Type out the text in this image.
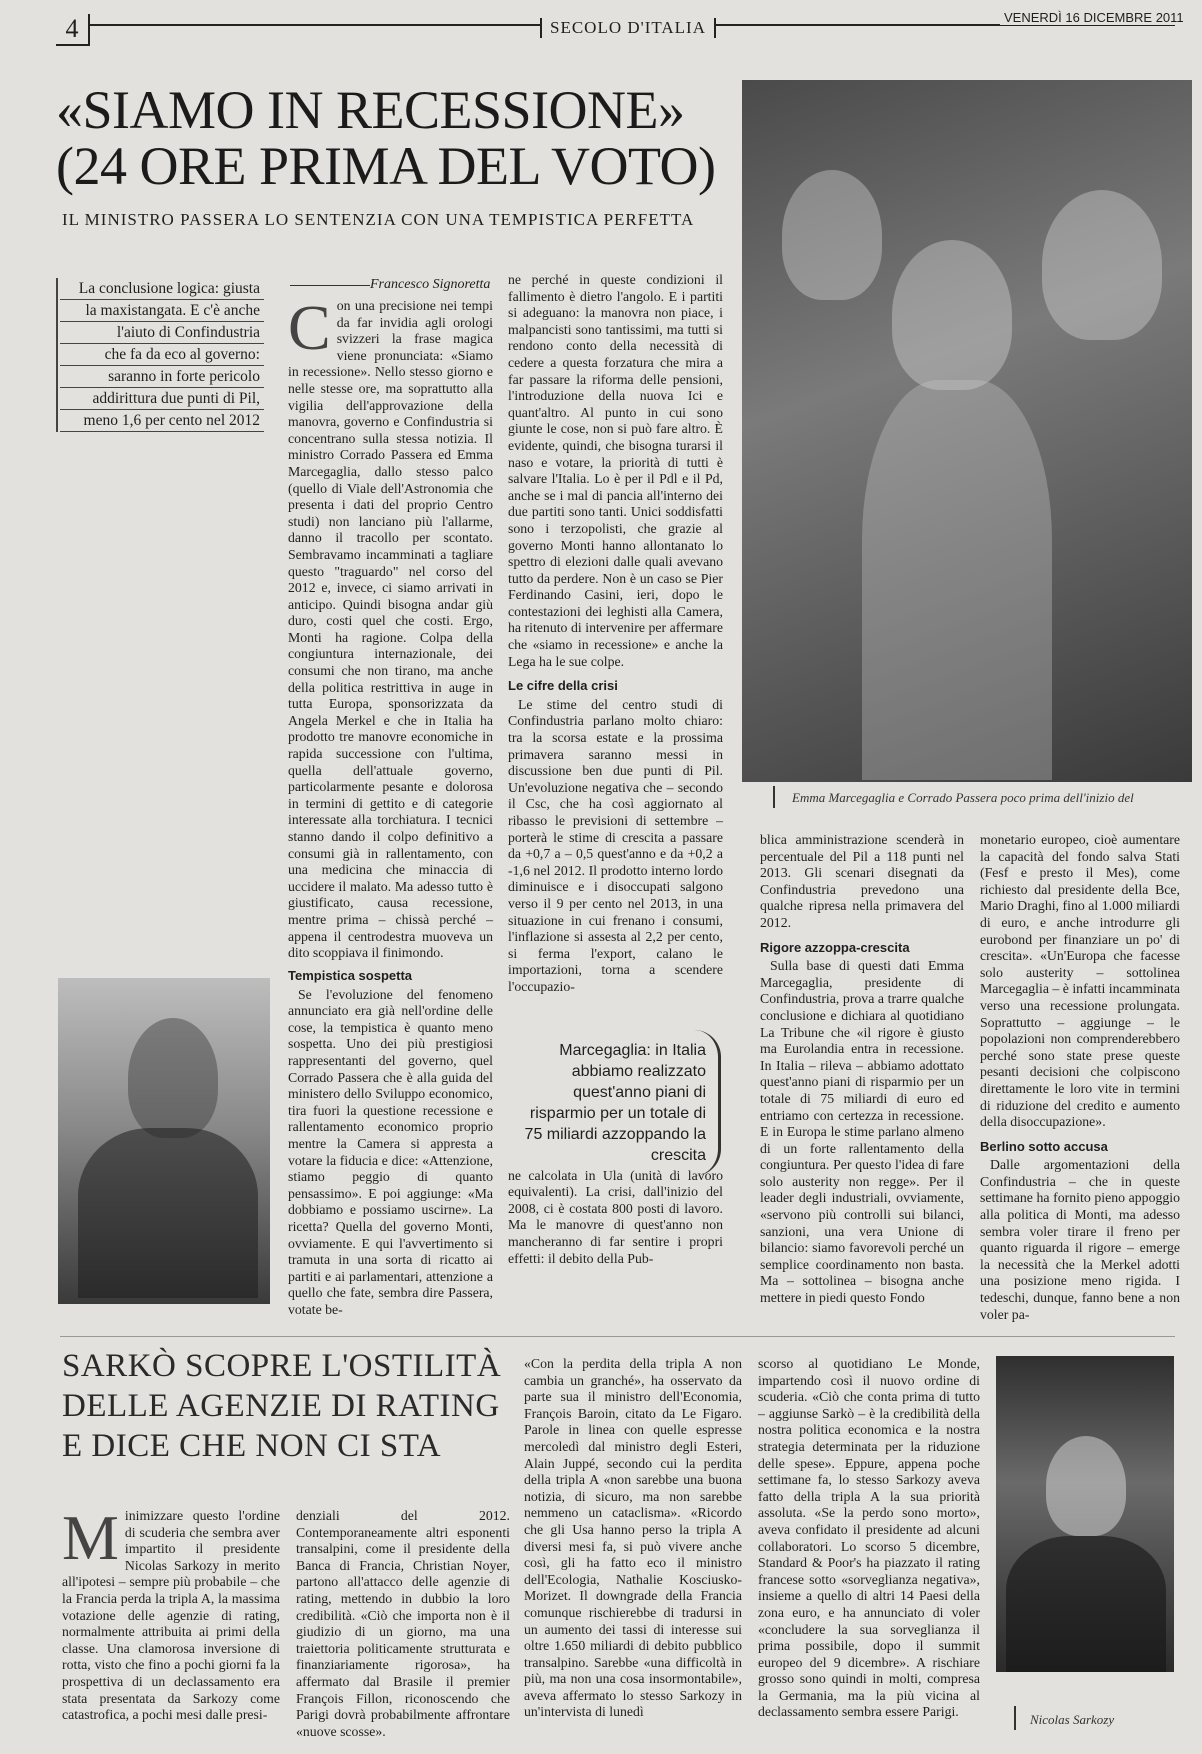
4	SECOLO D'ITALIA
VENERDÌ 16 DICEMBRE 2011
«SIAMO IN RECESSIONE»
(24 ORE PRIMA DEL VOTO)
IL MINISTRO PASSERA LO SENTENZIA CON UNA TEMPISTICA PERFETTA
La conclusione logica: giusta
la maxistangata. E c'è anche
l'aiuto di Confindustria
che fa da eco al governo:
saranno in forte pericolo
addirittura due punti di Pil,
meno 1,6 per cento nel 2012
Francesco Signoretta
C on una precisione nei tempi da far invidia agli orologi svizzeri la frase magica viene pronunciata: «Siamo in recessione». Nello stesso giorno e nelle stesse ore, ma soprattutto alla vigilia dell'approvazione della manovra, governo e Confindustria si concentrano sulla stessa notizia. Il ministro Corrado Passera ed Emma Marcegaglia, dallo stesso palco (quello di Viale dell'Astronomia che presenta i dati del proprio Centro studi) non lanciano più l'allarme, danno il tracollo per scontato. Sembravamo incamminati a tagliare questo "traguardo" nel corso del 2012 e, invece, ci siamo arrivati in anticipo. Quindi bisogna andar giù duro, costi quel che costi. Ergo, Monti ha ragione. Colpa della congiuntura internazionale, dei consumi che non tirano, ma anche della politica restrittiva in auge in tutta Europa, sponsorizzata da Angela Merkel e che in Italia ha prodotto tre manovre economiche in rapida successione con l'ultima, quella dell'attuale governo, particolarmente pesante e dolorosa in termini di gettito e di categorie interessate alla torchiatura. I tecnici stanno dando il colpo definitivo a consumi già in rallentamento, con una medicina che minaccia di uccidere il malato. Ma adesso tutto è giustificato, causa recessione, mentre prima – chissà perché – appena il centrodestra muoveva un dito scoppiava il finimondo.

Tempistica sospetta

Se l'evoluzione del fenomeno annunciato era già nell'ordine delle cose, la tempistica è quanto meno sospetta. Uno dei più prestigiosi rappresentanti del governo, quel Corrado Passera che è alla guida del ministero dello Sviluppo economico, tira fuori la questione recessione e rallentamento economico proprio mentre la Camera si appresta a votare la fiducia e dice: «Attenzione, stiamo peggio di quanto pensassimo». E poi aggiunge: «Ma dobbiamo e possiamo uscirne». La ricetta? Quella del governo Monti, ovviamente. E qui l'avvertimento si tramuta in una sorta di ricatto ai partiti e ai parlamentari, attenzione a quello che fate, sembra dire Passera, votate be-

ne perché in queste condizioni il fallimento è dietro l'angolo. E i partiti si adeguano: la manovra non piace, i malpancisti sono tantissimi, ma tutti si rendono conto della necessità di cedere a questa forzatura che mira a far passare la riforma delle pensioni, l'introduzione della nuova Ici e quant'altro. Al punto in cui sono giunte le cose, non si può fare altro. È evidente, quindi, che bisogna turarsi il naso e votare, la priorità di tutti è salvare l'Italia. Lo è per il Pdl e il Pd, anche se i mal di pancia all'interno dei due partiti sono tanti. Unici soddisfatti sono i terzopolisti, che grazie al governo Monti hanno allontanato lo spettro di elezioni dalle quali avevano tutto da perdere. Non è un caso se Pier Ferdinando Casini, ieri, dopo le contestazioni dei leghisti alla Camera, ha ritenuto di intervenire per affermare che «siamo in recessione» e anche la Lega ha le sue colpe.

Le cifre della crisi

Le stime del centro studi di Confindustria parlano molto chiaro: tra la scorsa estate e la prossima primavera saranno messi in discussione ben due punti di Pil. Un'evoluzione negativa che – secondo il Csc, che ha così aggiornato al ribasso le previsioni di settembre – porterà le stime di crescita a passare da +0,7 a – 0,5 quest'anno e da +0,2 a -1,6 nel 2012. Il prodotto interno lordo diminuisce e i disoccupati salgono verso il 9 per cento nel 2013, in una situazione in cui frenano i consumi, l'inflazione si assesta al 2,2 per cento, si ferma l'export, calano le importazioni, torna a scendere l'occupazio-

ne calcolata in Ula (unità di lavoro equivalenti). La crisi, dall'inizio del 2008, ci è costata 800 posti di lavoro. Ma le manovre di quest'anno non mancheranno di far sentire i propri effetti: il debito della Pub-

Emma Marcegaglia e Corrado Passera poco prima dell'inizio del

blica amministrazione scenderà in percentuale del Pil a 118 punti nel 2013. Gli scenari disegnati da Confindustria prevedono una qualche ripresa nella primavera del 2012.

Rigore azzoppa-crescita

Sulla base di questi dati Emma Marcegaglia, presidente di Confindustria, prova a trarre qualche conclusione e dichiara al quotidiano La Tribune che «il rigore è giusto ma Eurolandia entra in recessione. In Italia – rileva – abbiamo adottato quest'anno piani di risparmio per un totale di 75 miliardi di euro ed entriamo con certezza in recessione. E in Europa le stime parlano almeno di un forte rallentamento della congiuntura. Per questo l'idea di fare solo austerity non regge». Per il leader degli industriali, ovviamente, «servono più controlli sui bilanci, sanzioni, una vera Unione di bilancio: siamo favorevoli perché un semplice coordinamento non basta. Ma – sottolinea – bisogna anche mettere in piedi questo Fondo

monetario europeo, cioè aumentare la capacità del fondo salva Stati (Fesf e presto il Mes), come richiesto dal presidente della Bce, Mario Draghi, fino al 1.000 miliardi di euro, e anche introdurre gli eurobond per finanziare un po' di crescita». «Un'Europa che facesse solo austerity – sottolinea Marcegaglia – è infatti incamminata verso una recessione prolungata. Soprattutto – aggiunge – le popolazioni non comprenderebbero perché sono state prese queste pesanti decisioni che colpiscono direttamente le loro vite in termini di riduzione del credito e aumento della disoccupazione».

Berlino sotto accusa

Dalle argomentazioni della Confindustria – che in queste settimane ha fornito pieno appoggio alla politica di Monti, ma adesso sembra voler tirare il freno per quanto riguarda il rigore – emerge la necessità che la Merkel adotti una posizione meno rigida. I tedeschi, dunque, fanno bene a non voler pa-

Marcegaglia: in Italia abbiamo realizzato quest'anno piani di risparmio per un totale di 75 miliardi azzoppando la crescita
SARKÒ SCOPRE L'OSTILITÀ
DELLE AGENZIE DI RATING
E DICE CHE NON CI STA
M inimizzare questo l'ordine di scuderia che sembra aver impartito il presidente Nicolas Sarkozy in merito all'ipotesi – sempre più probabile – che la Francia perda la tripla A, la massima votazione delle agenzie di rating, normalmente attribuita ai primi della classe. Una clamorosa inversione di rotta, visto che fino a pochi giorni fa la prospettiva di un declassamento era stata presentata da Sarkozy come catastrofica, a pochi mesi dalle presi-

denziali del 2012. Contemporaneamente altri esponenti transalpini, come il presidente della Banca di Francia, Christian Noyer, partono all'attacco delle agenzie di rating, mettendo in dubbio la loro credibilità. «Ciò che importa non è il giudizio di un giorno, ma una traiettoria politicamente strutturata e finanziariamente rigorosa», ha affermato dal Brasile il premier François Fillon, riconoscendo che Parigi dovrà probabilmente affrontare «nuove scosse».

«Con la perdita della tripla A non cambia un granché», ha osservato da parte sua il ministro dell'Economia, François Baroin, citato da Le Figaro. Parole in linea con quelle espresse mercoledì dal ministro degli Esteri, Alain Juppé, secondo cui la perdita della tripla A «non sarebbe una buona notizia, di sicuro, ma non sarebbe nemmeno un cataclisma». «Ricordo che gli Usa hanno perso la tripla A diversi mesi fa, si può vivere anche così, gli ha fatto eco il ministro dell'Ecologia, Nathalie Kosciusko-Morizet. Il downgrade della Francia comunque rischierebbe di tradursi in un aumento dei tassi di interesse sui oltre 1.650 miliardi di debito pubblico transalpino. Sarebbe «una difficoltà in più, ma non una cosa insormontabile», aveva affermato lo stesso Sarkozy in un'intervista di lunedì

scorso al quotidiano Le Monde, impartendo così il nuovo ordine di scuderia. «Ciò che conta prima di tutto – aggiunse Sarkò – è la credibilità della nostra politica economica e la nostra strategia determinata per la riduzione delle spese». Eppure, appena poche settimane fa, lo stesso Sarkozy aveva fatto della tripla A la sua priorità assoluta. «Se la perdo sono morto», aveva confidato il presidente ad alcuni collaboratori. Lo scorso 5 dicembre, Standard & Poor's ha piazzato il rating francese sotto «sorveglianza negativa», insieme a quello di altri 14 Paesi della zona euro, e ha annunciato di voler «concludere la sua sorveglianza il prima possibile, dopo il summit europeo del 9 dicembre». A rischiare grosso sono quindi in molti, compresa la Germania, ma la più vicina al declassamento sembra essere Parigi.

Nicolas Sarkozy
